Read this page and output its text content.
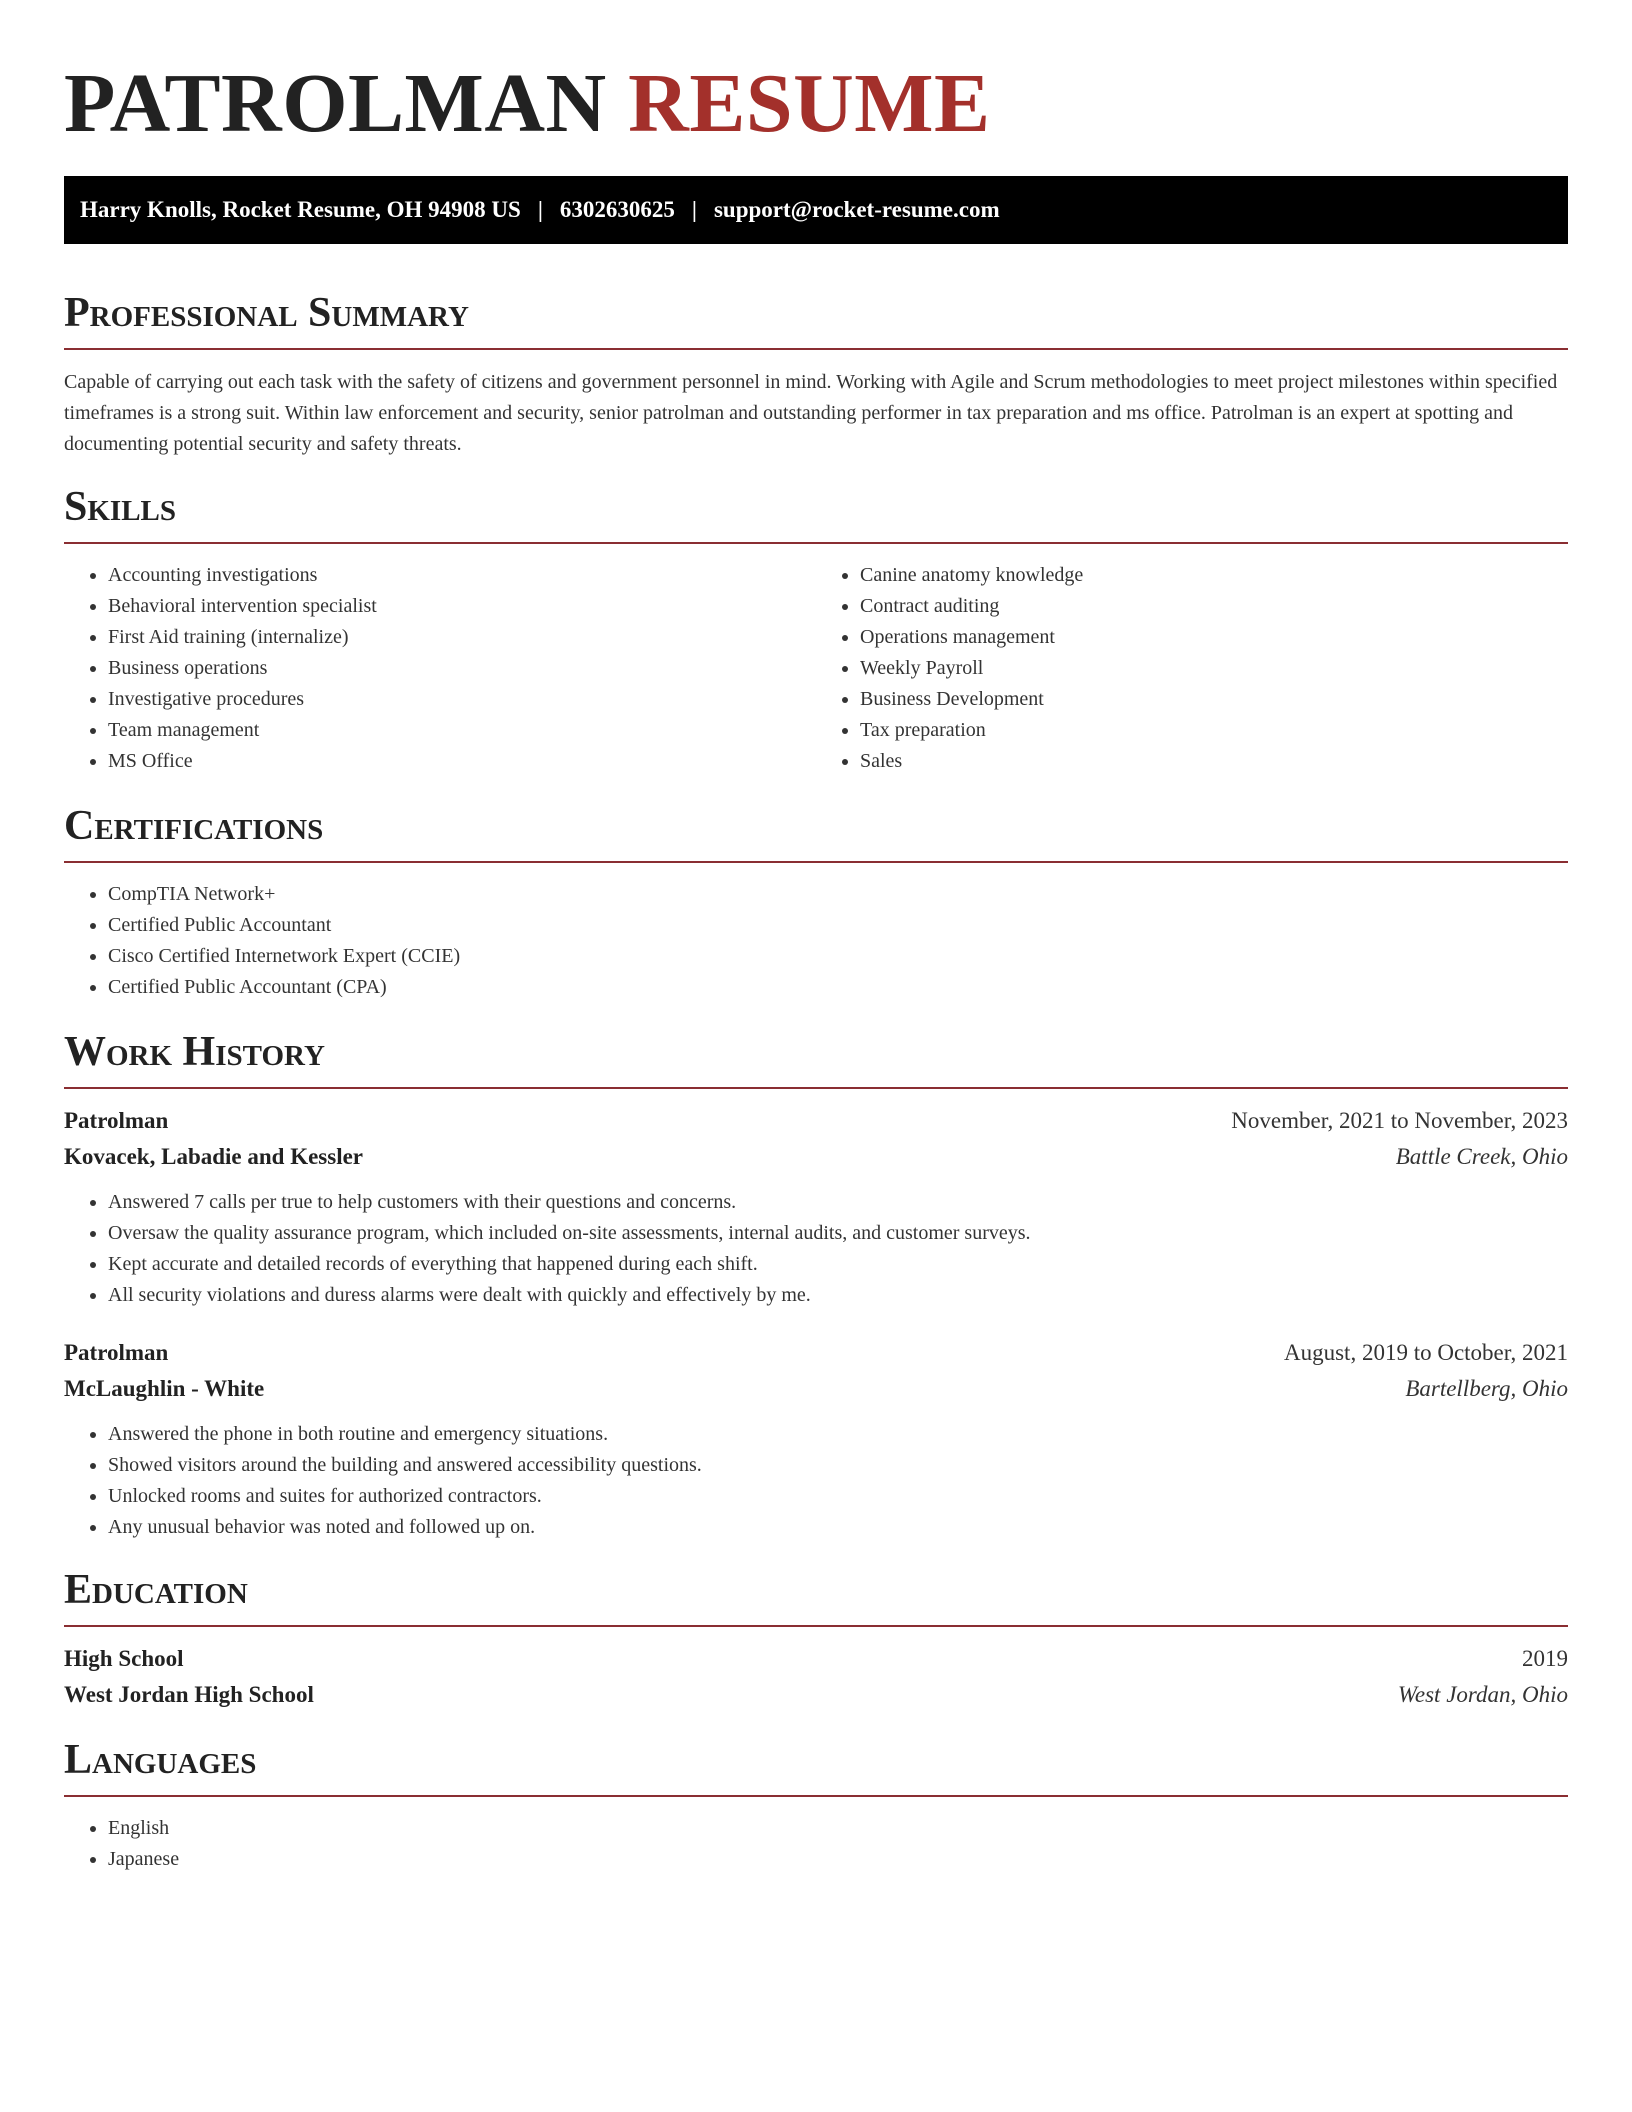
PATROLMAN RESUME
Harry Knolls, Rocket Resume, OH 94908 US | 6302630625 | support@rocket-resume.com
Professional Summary

Capable of carrying out each task with the safety of citizens and government personnel in mind. Working with Agile and Scrum methodologies to meet project milestones within specified timeframes is a strong suit. Within law enforcement and security, senior patrolman and outstanding performer in tax preparation and ms office. Patrolman is an expert at spotting and documenting potential security and safety threats.

Skills
• Accounting investigations
• Behavioral intervention specialist
• First Aid training (internalize)
• Business operations
• Investigative procedures
• Team management
• MS Office
• Canine anatomy knowledge
• Contract auditing
• Operations management
• Weekly Payroll
• Business Development
• Tax preparation
• Sales
Certifications
• CompTIA Network+
• Certified Public Accountant
• Cisco Certified Internetwork Expert (CCIE)
• Certified Public Accountant (CPA)
Work History
Patrolman	November, 2021 to November, 2023
Kovacek, Labadie and Kessler	Battle Creek, Ohio
• Answered 7 calls per true to help customers with their questions and concerns.
• Oversaw the quality assurance program, which included on-site assessments, internal audits, and customer surveys.
• Kept accurate and detailed records of everything that happened during each shift.
• All security violations and duress alarms were dealt with quickly and effectively by me.
Patrolman	August, 2019 to October, 2021
McLaughlin - White	Bartellberg, Ohio
• Answered the phone in both routine and emergency situations.
• Showed visitors around the building and answered accessibility questions.
• Unlocked rooms and suites for authorized contractors.
• Any unusual behavior was noted and followed up on.
Education
High School	2019
West Jordan High School	West Jordan, Ohio
Languages
• English
• Japanese
